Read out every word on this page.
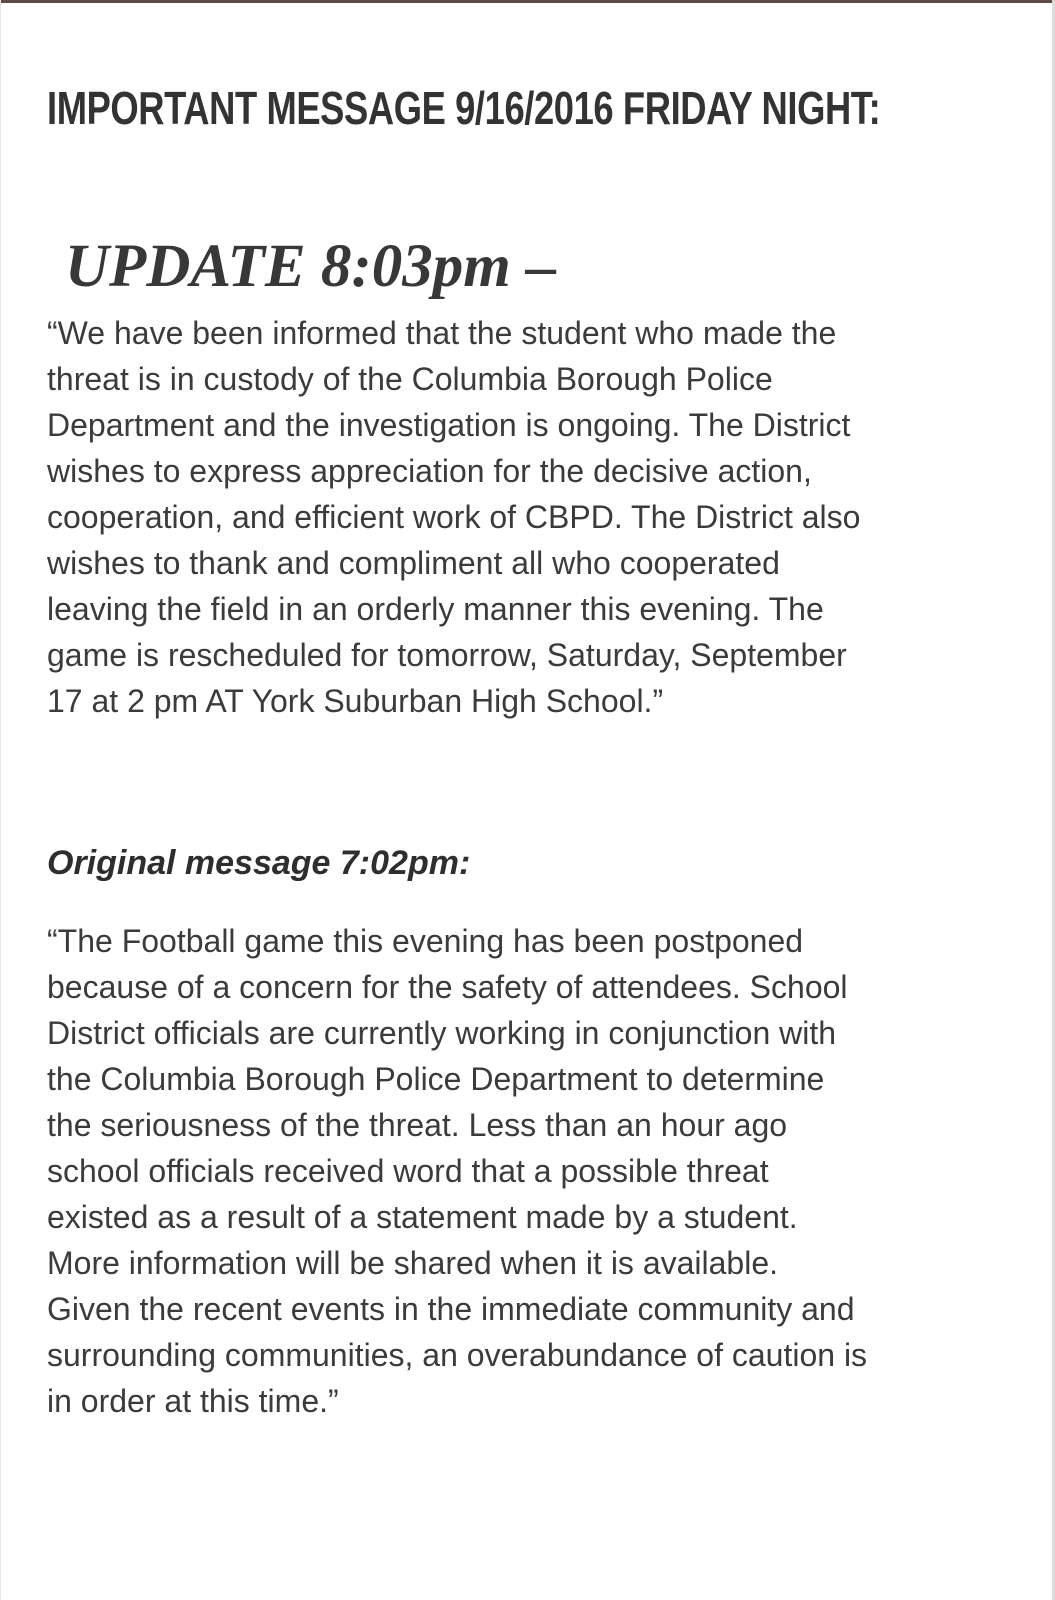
IMPORTANT MESSAGE 9/16/2016 FRIDAY NIGHT:
UPDATE 8:03pm –

“We have been informed that the student who made the
threat is in custody of the Columbia Borough Police
Department and the investigation is ongoing. The District
wishes to express appreciation for the decisive action,
cooperation, and efficient work of CBPD. The District also
wishes to thank and compliment all who cooperated
leaving the field in an orderly manner this evening. The
game is rescheduled for tomorrow, Saturday, September
17 at 2 pm AT York Suburban High School.”

Original message 7:02pm:

“The Football game this evening has been postponed
because of a concern for the safety of attendees. School
District officials are currently working in conjunction with
the Columbia Borough Police Department to determine
the seriousness of the threat. Less than an hour ago
school officials received word that a possible threat
existed as a result of a statement made by a student.
More information will be shared when it is available.
Given the recent events in the immediate community and
surrounding communities, an overabundance of caution is
in order at this time.”
